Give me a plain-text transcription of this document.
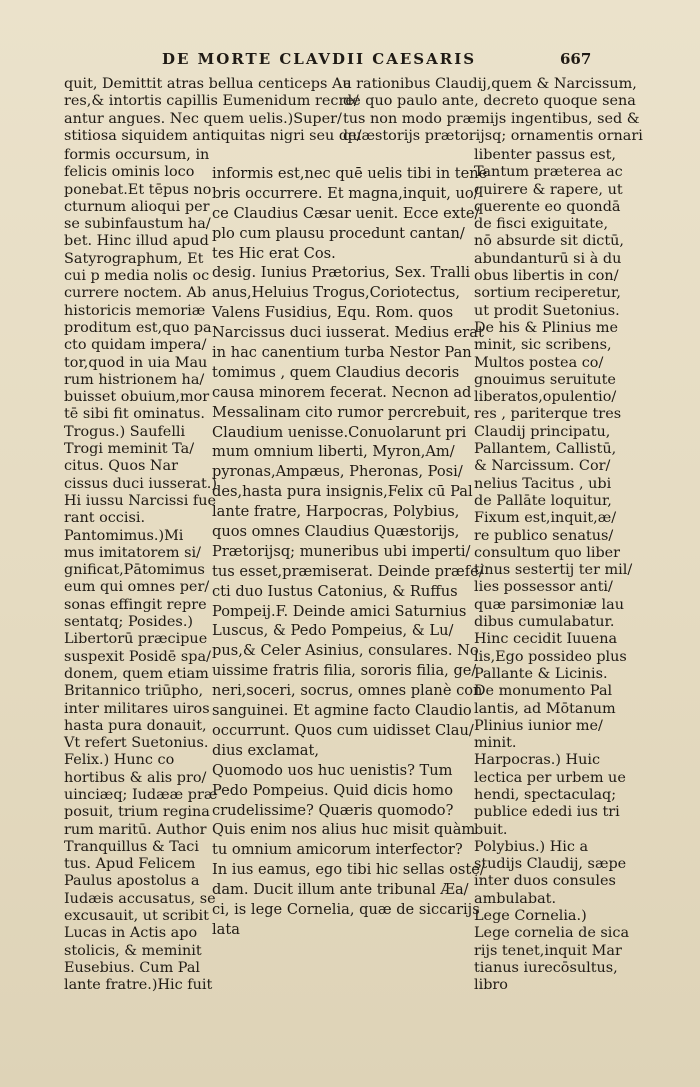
DE MORTE CLAVDII CAESARIS	667
quit, Demittit atras bellua centiceps Au
res,& intortis capillis Eumenidum recre/
antur angues. Nec quem uelis.)Super/
stitiosa siquidem antiquitas nigri seu de/
formis occursum, in
felicis ominis loco
ponebat.Et tēpus no
cturnum alioqui per
se subinfaustum ha/
bet. Hinc illud apud
Satyrographum, Et
cui p media nolis oc
currere noctem. Ab
historicis memoriæ
proditum est,quo pa
cto quidam impera/
tor,quod in uia Mau
rum histrionem ha/
buisset obuium,mor
tē sibi fit ominatus.
Trogus.) Saufelli
Trogi meminit Ta/
citus. Quos Nar
cissus duci iusserat.)
Hi iussu Narcissi fue
rant occisi.
Pantomimus.)Mi
mus imitatorem si/
gnificat,Pātomimus
eum qui omnes per/
sonas effingit repre
sentatq; Posides.)
Libertorū præcipue
suspexit Posidē spa/
donem, quem etiam
Britannico triūpho,
inter militares uiros
hasta pura donauit,
Vt refert Suetonius.
Felix.) Hunc co
hortibus & alis pro/
uinciæq; Iudææ præ
posuit, trium regina
rum maritū. Author
Tranquillus & Taci
tus. Apud Felicem
Paulus apostolus a
Iudæis accusatus, se
excusauit, ut scribit
Lucas in Actis apo
stolicis, & meminit
Eusebius. Cum Pal
lante fratre.)Hic fuit
informis est,nec quē uelis tibi in tene
bris occurrere. Et magna,inquit, uo/
ce Claudius Cæsar uenit. Ecce exte/
plo cum plausu procedunt cantan/
tes Hic erat Cos.
desig. Iunius Prætorius, Sex. Tralli
anus,Heluius Trogus,Coriotectus,
Valens Fusidius, Equ. Rom. quos
Narcissus duci iusserat. Medius erat
in hac canentium turba Nestor Pan
tomimus , quem Claudius decoris
causa minorem fecerat. Necnon ad
Messalinam cito rumor percrebuit,
Claudium uenisse.Conuolarunt pri
mum omnium liberti, Myron,Am/
pyronas,Ampæus, Pheronas, Posi/
des,hasta pura insignis,Felix cū Pal
lante fratre, Harpocras, Polybius,
quos omnes Claudius Quæstorijs,
Prætorijsq; muneribus ubi imperti/
tus esset,præmiserat. Deinde præfe/
cti duo Iustus Catonius, & Ruffus
Pompeij.F. Deinde amici Saturnius
Luscus, & Pedo Pompeius, & Lu/
pus,& Celer Asinius, consulares. No
uissime fratris filia, sororis filia, ge/
neri,soceri, socrus, omnes planè con
sanguinei. Et agmine facto Claudio
occurrunt. Quos cum uidisset Clau/
dius exclamat,
Quomodo uos huc uenistis? Tum
Pedo Pompeius. Quid dicis homo
crudelissime? Quæris quomodo?
Quis enim nos alius huc misit quàm
tu omnium amicorum interfector?
In ius eamus, ego tibi hic sellas oste/
dam. Ducit illum ante tribunal Æa/
ci, is lege Cornelia, quæ de siccarijs
lata
a rationibus Claudij,quem & Narcissum,
de quo paulo ante, decreto quoque sena
tus non modo præmijs ingentibus, sed &
quæstorijs prætorijsq; ornamentis ornari
libenter passus est,
Tantum præterea ac
quirere & rapere, ut
querente eo quondā
de fisci exiguitate,
nō absurde sit dictū,
abundanturū si à du
obus libertis in con/
sortium reciperetur,
ut prodit Suetonius.
De his & Plinius me
minit, sic scribens,
Multos postea co/
gnouimus seruitute
liberatos,opulentio/
res , pariterque tres
Claudij principatu,
Pallantem, Callistū,
& Narcissum. Cor/
nelius Tacitus , ubi
de Pallāte loquitur,
Fixum est,inquit,æ/
re publico senatus/
consultum quo liber
tinus sestertij ter mil/
lies possessor anti/
quæ parsimoniæ lau
dibus cumulabatur.
Hinc cecidit Iuuena
lis,Ego possideo plus
Pallante & Licinis.
De monumento Pal
lantis, ad Mōtanum
Plinius iunior me/
minit.
Harpocras.) Huic
lectica per urbem ue
hendi, spectaculaq;
publice ededi ius tri
buit.
Polybius.) Hic a
studijs Claudij, sæpe
inter duos consules
ambulabat.
Lege Cornelia.)
Lege cornelia de sica
rijs tenet,inquit Mar
tianus iurecōsultus,
libro
